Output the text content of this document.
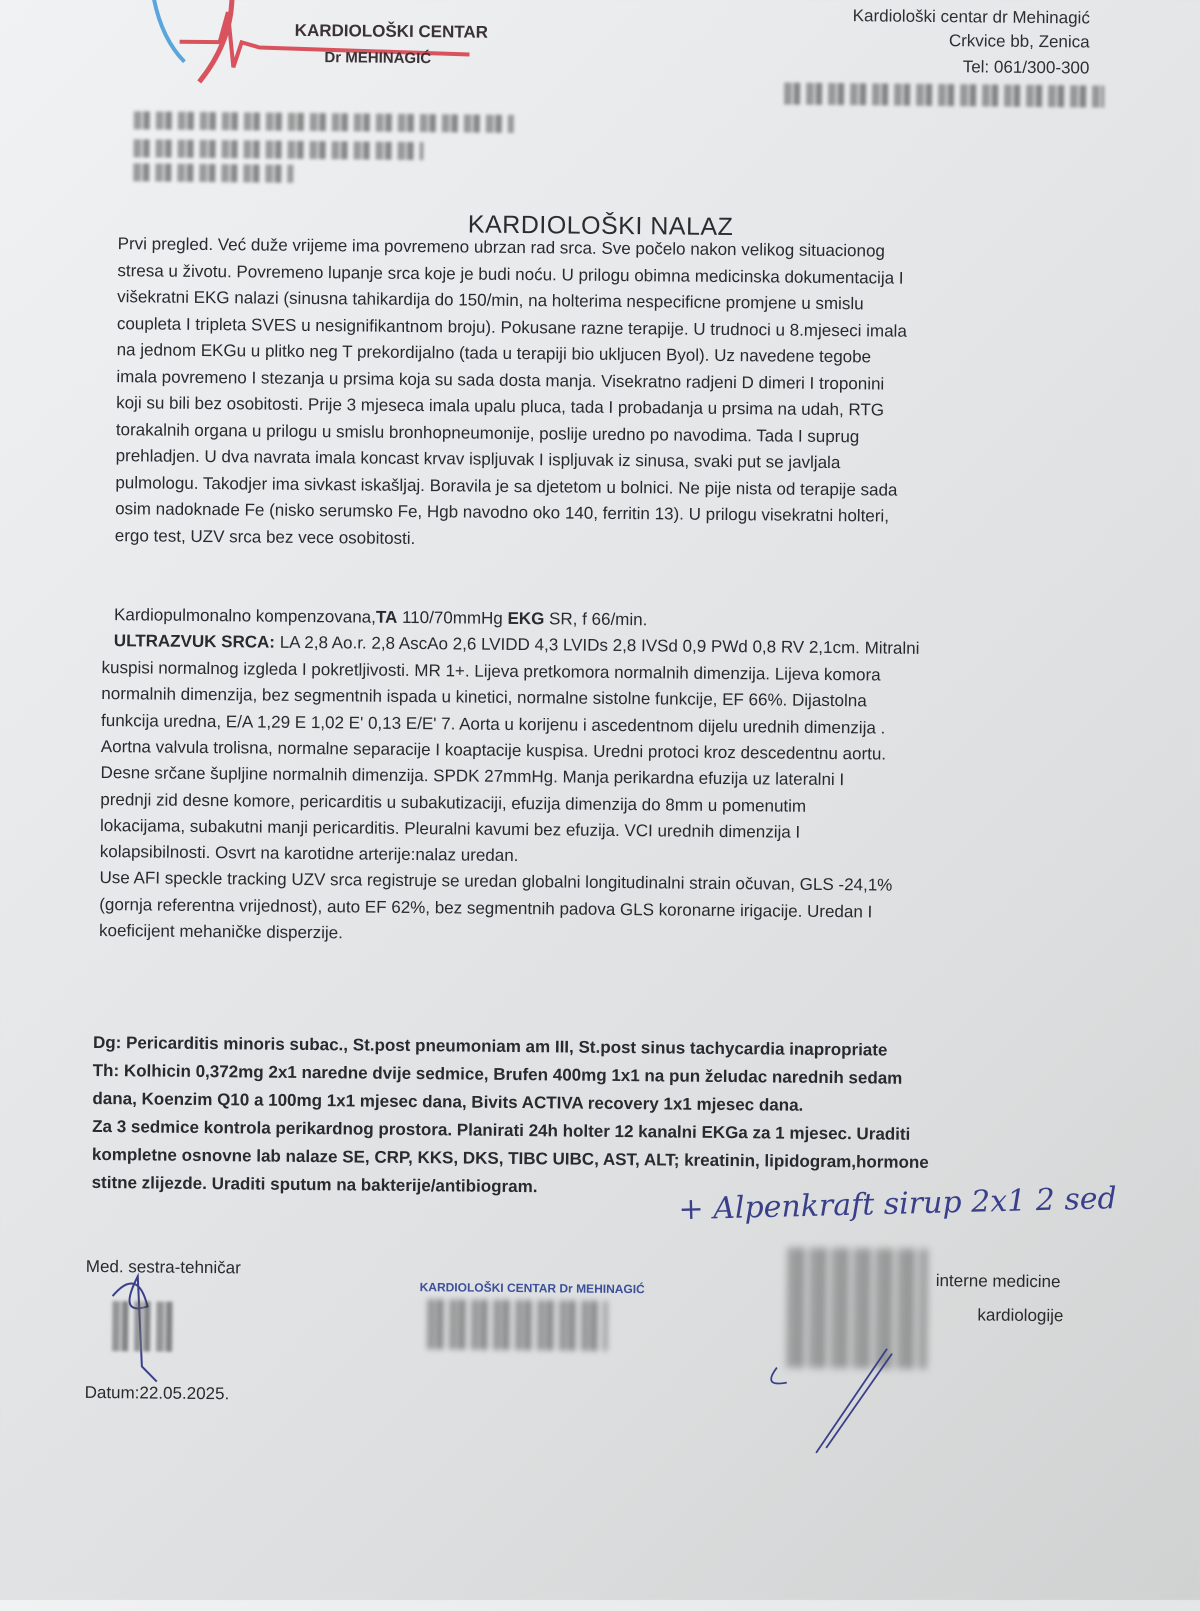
KARDIOLOŠKI CENTAR
Dr MEHINAGIĆ
Kardiološki centar dr Mehinagić
Crkvice bb, Zenica
Tel: 061/300-300
KARDIOLOŠKI NALAZ
Prvi pregled. Već duže vrijeme ima povremeno ubrzan rad srca. Sve počelo nakon velikog situacionog
stresa u životu. Povremeno lupanje srca koje je budi noću. U prilogu obimna medicinska dokumentacija I
višekratni EKG nalazi (sinusna tahikardija do 150/min, na holterima nespecificne promjene u smislu
coupleta I tripleta SVES u nesignifikantnom broju). Pokusane razne terapije. U trudnoci u 8.mjeseci imala
na jednom EKGu u plitko neg T prekordijalno (tada u terapiji bio ukljucen Byol). Uz navedene tegobe
imala povremeno I stezanja u prsima koja su sada dosta manja. Visekratno radjeni D dimeri I troponini
koji su bili bez osobitosti. Prije 3 mjeseca imala upalu pluca, tada I probadanja u prsima na udah, RTG
torakalnih organa u prilogu u smislu bronhopneumonije, poslije uredno po navodima. Tada I suprug
prehladjen. U dva navrata imala koncast krvav ispljuvak I ispljuvak iz sinusa, svaki put se javljala
pulmologu. Takodjer ima sivkast iskašljaj. Boravila je sa djetetom u bolnici. Ne pije nista od terapije sada
osim nadoknade Fe (nisko serumsko Fe, Hgb navodno oko 140, ferritin 13). U prilogu visekratni holteri,
ergo test, UZV srca bez vece osobitosti.
Kardiopulmonalno kompenzovana,TA 110/70mmHg EKG SR, f 66/min.
ULTRAZVUK SRCA: LA 2,8 Ao.r. 2,8 AscAo 2,6 LVIDD 4,3 LVIDs 2,8 IVSd 0,9 PWd 0,8 RV 2,1cm. Mitralni
kuspisi normalnog izgleda I pokretljivosti. MR 1+. Lijeva pretkomora normalnih dimenzija. Lijeva komora
normalnih dimenzija, bez segmentnih ispada u kinetici, normalne sistolne funkcije, EF 66%. Dijastolna
funkcija uredna, E/A 1,29 E 1,02 E' 0,13 E/E' 7. Aorta u korijenu i ascedentnom dijelu urednih dimenzija .
Aortna valvula trolisna, normalne separacije I koaptacije kuspisa. Uredni protoci kroz descedentnu aortu.
Desne srčane šupljine normalnih dimenzija. SPDK 27mmHg. Manja perikardna efuzija uz lateralni I
prednji zid desne komore, pericarditis u subakutizaciji, efuzija dimenzija do 8mm u pomenutim
lokacijama, subakutni manji pericarditis. Pleuralni kavumi bez efuzija. VCI urednih dimenzija I
kolapsibilnosti. Osvrt na karotidne arterije:nalaz uredan.
Use AFI speckle tracking UZV srca registruje se uredan globalni longitudinalni strain očuvan, GLS -24,1%
(gornja referentna vrijednost), auto EF 62%, bez segmentnih padova GLS koronarne irigacije. Uredan I
koeficijent mehaničke disperzije.
Dg: Pericarditis minoris subac., St.post pneumoniam am III, St.post sinus tachycardia inapropriate
Th: Kolhicin 0,372mg 2x1 naredne dvije sedmice, Brufen 400mg 1x1 na pun želudac narednih sedam
dana, Koenzim Q10 a 100mg 1x1 mjesec dana, Bivits ACTIVA recovery 1x1 mjesec dana.
Za 3 sedmice kontrola perikardnog prostora. Planirati 24h holter 12 kanalni EKGa za 1 mjesec. Uraditi
kompletne osnovne lab nalaze SE, CRP, KKS, DKS, TIBC UIBC, AST, ALT; kreatinin, lipidogram,hormone
stitne zlijezde. Uraditi sputum na bakterije/antibiogram.	+ Alpenkraft sirup 2x1 2 sed
Med. sestra-tehničar
KARDIOLOŠKI CENTAR Dr MEHINAGIĆ	interne medicine
kardiologije
Datum:22.05.2025.
